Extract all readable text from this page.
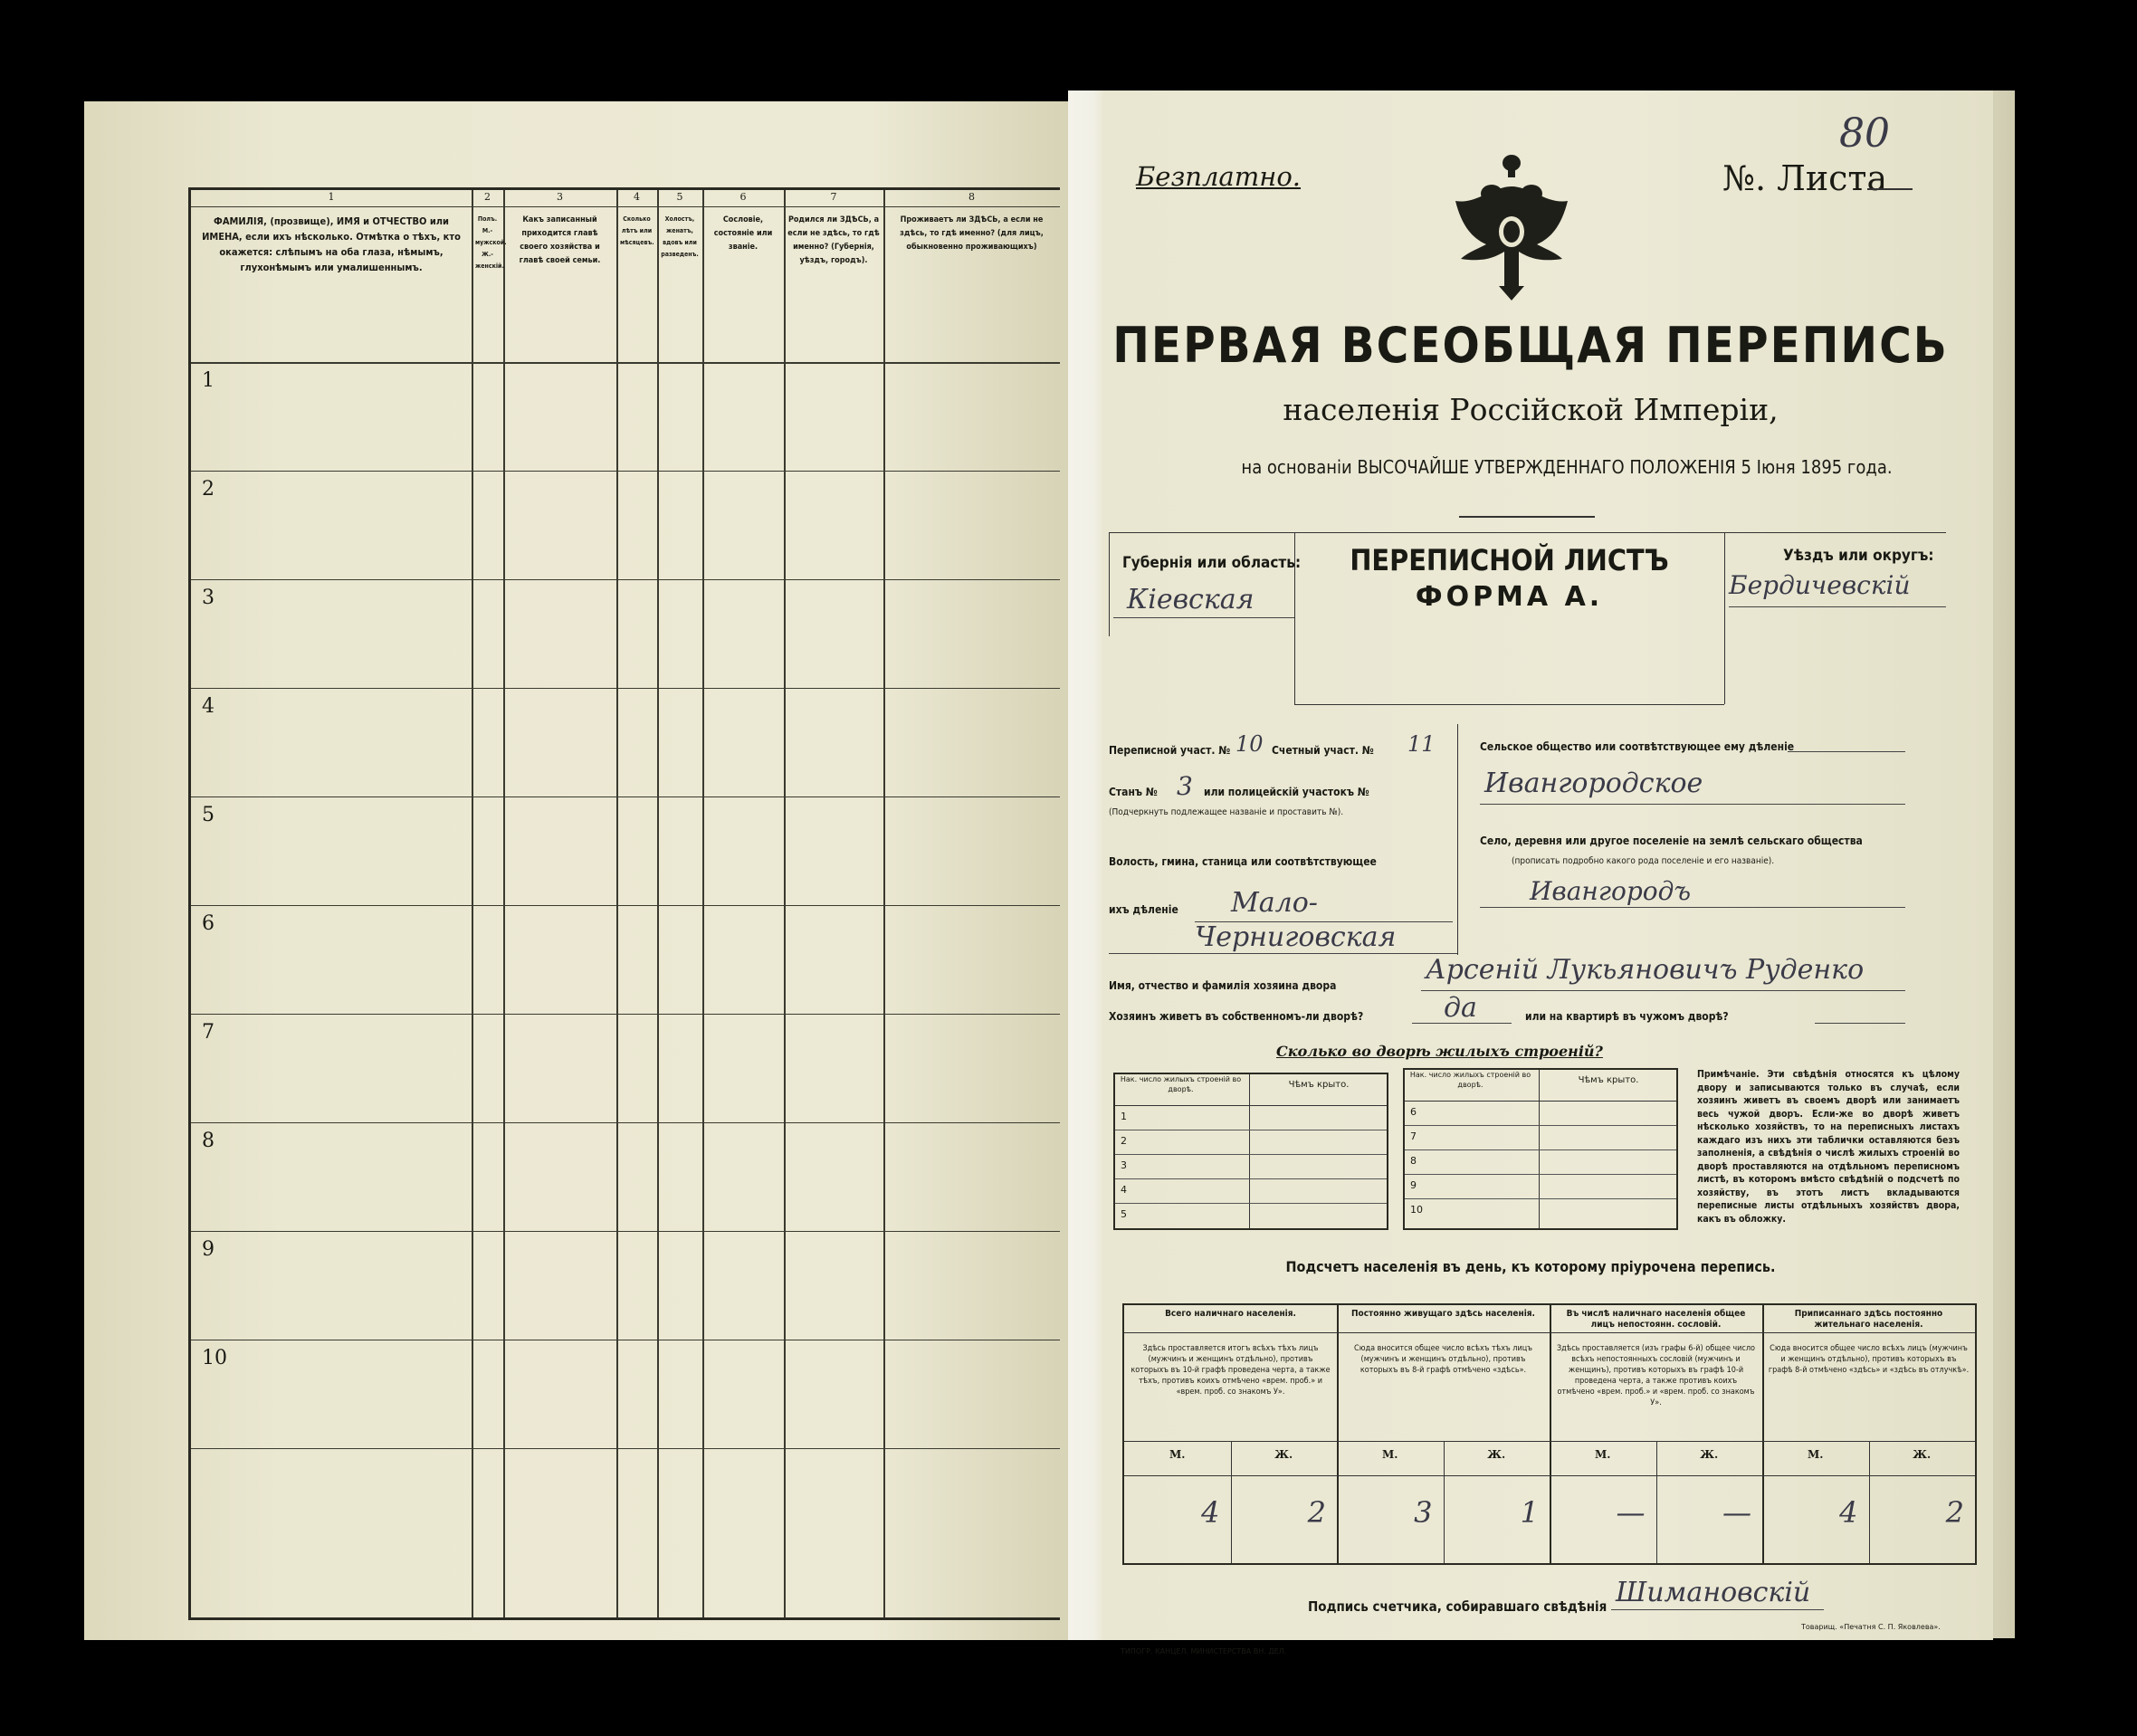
1
ФАМИЛІЯ, (прозвище), ИМЯ и ОТЧЕСТВО или ИМЕНА, если ихъ нѣсколько. Отмѣтка о тѣхъ, кто окажется: слѣпымъ на оба глаза, нѣмымъ, глухонѣмымъ или умалишеннымъ.
2
Полъ. М.-мужской. Ж.-женскій.
3
Какъ записанный приходится главѣ своего хозяйства и главѣ своей семьи.
4
Сколько лѣтъ или мѣсяцевъ.
5
Холостъ, женатъ, вдовъ или разведенъ.
6
Сословіе, состояніе или званіе.
7
Родился ли ЗДѢСЬ, а если не здѣсь, то гдѣ именно? (Губернія, уѣздъ, городъ).
8
Проживаетъ ли ЗДѢСЬ, а если не здѣсь, то гдѣ именно? (для лицъ, обыкновенно проживающихъ)
1
2
3
4
5
6
7
8
9
10
Безплатно.	№. Листа
80
ПЕРВАЯ ВСЕОБЩАЯ ПЕРЕПИСЬ
населенія Россійской Имперіи,
на основаніи ВЫСОЧАЙШЕ УТВЕРЖДЕННАГО ПОЛОЖЕНІЯ 5 Іюня 1895 года.
Губернія или область:
Кіевская
ПЕРЕПИСНОЙ ЛИСТЪ
ФОРМА А.
Уѣздъ или округъ:
Бердичевскій
Переписной участ. № 10 Счетный участ. № 11
Станъ № 3 или полицейскій участокъ №
(Подчеркнуть подлежащее названіе и проставить №).
Волость, гмина, станица или соотвѣтствующее
ихъ дѣленіе Мало-
Черниговская
Сельское общество или соотвѣтствующее ему дѣленіе
Ивангородское
Село, деревня или другое поселеніе на землѣ сельскаго общества
(прописать подробно какого рода поселеніе и его названіе).
Ивангородъ
Имя, отчество и фамилія хозяина двора	Арсеній Лукьяновичъ Руденко
Хозяинъ живетъ въ собственномъ-ли дворѣ?	да	или на квартирѣ въ чужомъ дворѣ?
Сколько во дворѣ жилыхъ строеній?
Нак. число жилыхъ строеній во дворѣ.	Чѣмъ крыто.
1
2
3
4
5
Нак. число жилыхъ строеній во дворѣ.	Чѣмъ крыто.
6
7
8
9
10
Примѣчаніе. Эти свѣдѣнія относятся къ цѣлому двору и записываются только въ случаѣ, если хозяинъ живетъ въ своемъ дворѣ или занимаетъ весь чужой дворъ. Если-же во дворѣ живетъ нѣсколько хозяйствъ, то на переписныхъ листахъ каждаго изъ нихъ эти таблички оставляются безъ заполненія, а свѣдѣнія о числѣ жилыхъ строеній во дворѣ проставляются на отдѣльномъ переписномъ листѣ, въ которомъ вмѣсто свѣдѣній о подсчетѣ по хозяйству, въ этотъ листъ вкладываются переписные листы отдѣльныхъ хозяйствъ двора, какъ въ обложку.
Подсчетъ населенія въ день, къ которому пріурочена перепись.
Всего наличнаго населенія.
Здѣсь проставляется итогъ всѣхъ тѣхъ лицъ (мужчинъ и женщинъ отдѣльно), противъ которыхъ въ 10-й графѣ проведена черта, а также тѣхъ, противъ коихъ отмѣчено «врем. проб.» и «врем. проб. со знакомъ У».
М.	Ж.
4	2
Постоянно живущаго здѣсь населенія.
Сюда вносится общее число всѣхъ тѣхъ лицъ (мужчинъ и женщинъ отдѣльно), противъ которыхъ въ 8-й графѣ отмѣчено «здѣсь».
М.	Ж.
3	1
Въ числѣ наличнаго населенія общее лицъ непостоянн. сословій.
Здѣсь проставляется (изъ графы 6-й) общее число всѣхъ непостоянныхъ сословій (мужчинъ и женщинъ), противъ которыхъ въ графѣ 10-й проведена черта, а также противъ коихъ отмѣчено «врем. проб.» и «врем. проб. со знакомъ У».
М.	Ж.
—	—
Приписаннаго здѣсь постоянно жительнаго населенія.
Сюда вносится общее число всѣхъ лицъ (мужчинъ и женщинъ отдѣльно), противъ которыхъ въ графѣ 8-й отмѣчено «здѣсь» и «здѣсь въ отлучкѣ».
М.	Ж.
4	2
Подпись счетчика, собиравшаго свѣдѣнія Шимановскій
ТИПОГР. КАНЦЕЛ. МИНИСТЕРСТВА ВН. ДЕЛ.
Товарищ. «Печатня С. П. Яковлева».
